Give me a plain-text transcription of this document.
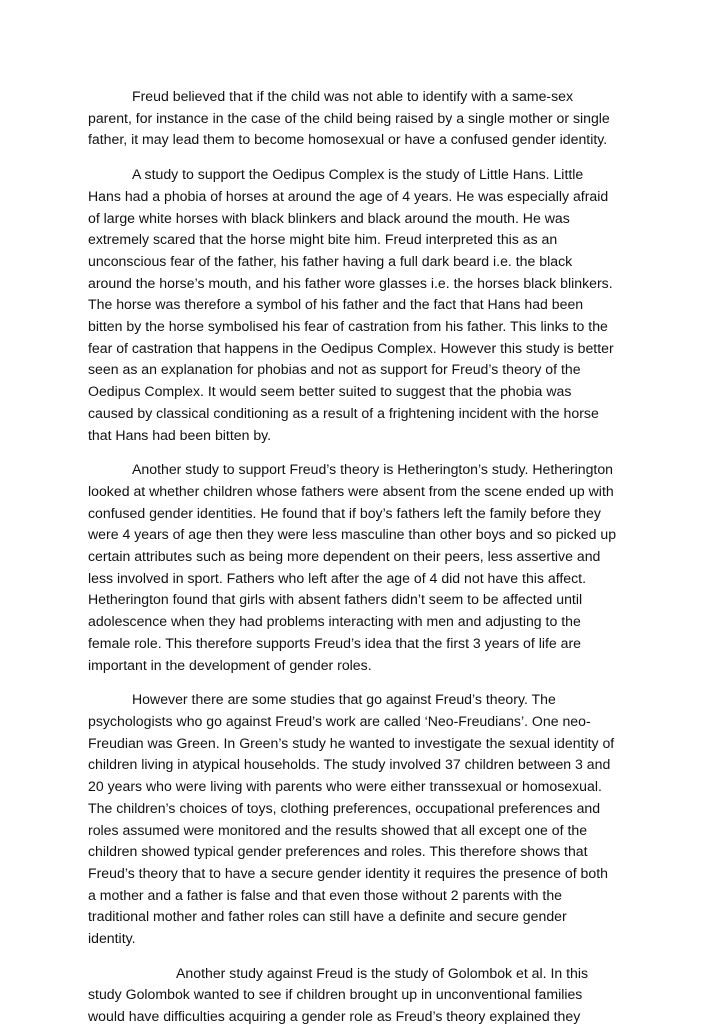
Freud believed that if the child was not able to identify with a same-sex
parent, for instance in the case of the child being raised by a single mother or single
father, it may lead them to become homosexual or have a confused gender identity.

A study to support the Oedipus Complex is the study of Little Hans. Little
Hans had a phobia of horses at around the age of 4 years. He was especially afraid
of large white horses with black blinkers and black around the mouth. He was
extremely scared that the horse might bite him. Freud interpreted this as an
unconscious fear of the father, his father having a full dark beard i.e. the black
around the horse’s mouth, and his father wore glasses i.e. the horses black blinkers.
The horse was therefore a symbol of his father and the fact that Hans had been
bitten by the horse symbolised his fear of castration from his father. This links to the
fear of castration that happens in the Oedipus Complex. However this study is better
seen as an explanation for phobias and not as support for Freud’s theory of the
Oedipus Complex. It would seem better suited to suggest that the phobia was
caused by classical conditioning as a result of a frightening incident with the horse
that Hans had been bitten by.

Another study to support Freud’s theory is Hetherington’s study. Hetherington
looked at whether children whose fathers were absent from the scene ended up with
confused gender identities. He found that if boy’s fathers left the family before they
were 4 years of age then they were less masculine than other boys and so picked up
certain attributes such as being more dependent on their peers, less assertive and
less involved in sport. Fathers who left after the age of 4 did not have this affect.
Hetherington found that girls with absent fathers didn’t seem to be affected until
adolescence when they had problems interacting with men and adjusting to the
female role. This therefore supports Freud’s idea that the first 3 years of life are
important in the development of gender roles.

However there are some studies that go against Freud’s theory. The
psychologists who go against Freud’s work are called ‘Neo-Freudians’. One neo-
Freudian was Green. In Green’s study he wanted to investigate the sexual identity of
children living in atypical households. The study involved 37 children between 3 and
20 years who were living with parents who were either transsexual or homosexual.
The children’s choices of toys, clothing preferences, occupational preferences and
roles assumed were monitored and the results showed that all except one of the
children showed typical gender preferences and roles. This therefore shows that
Freud’s theory that to have a secure gender identity it requires the presence of both
a mother and a father is false and that even those without 2 parents with the
traditional mother and father roles can still have a definite and secure gender
identity.

Another study against Freud is the study of Golombok et al. In this
study Golombok wanted to see if children brought up in unconventional families
would have difficulties acquiring a gender role as Freud’s theory explained they
